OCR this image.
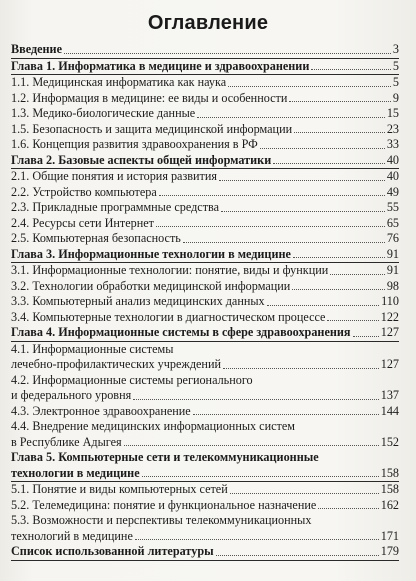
Оглавление
Введение	3
Глава 1. Информатика в медицине и здравоохранении	5
1.1. Медицинская информатика как наука	5
1.2. Информация в медицине: ее виды и особенности	9
1.3. Медико-биологические данные	15
1.5. Безопасность и защита медицинской информации	23
1.6. Концепция развития здравоохранения в РФ	33
Глава 2. Базовые аспекты общей информатики	40
2.1. Общие понятия и история развития	40
2.2. Устройство компьютера	49
2.3. Прикладные программные средства	55
2.4. Ресурсы сети Интернет	65
2.5. Компьютерная безопасность	76
Глава 3. Информационные технологии в медицине	91
3.1. Информационные технологии: понятие, виды и функции	91
3.2. Технологии обработки медицинской информации	98
3.3. Компьютерный анализ медицинских данных	110
3.4. Компьютерные технологии в диагностическом процессе	122
Глава 4. Информационные системы в сфере здравоохранения 127
4.1. Информационные системы
лечебно-профилактических учреждений	127
4.2. Информационные системы регионального
и федерального уровня	137
4.3. Электронное здравоохранение	144
4.4. Внедрение медицинских информационных систем
в Республике Адыгея	152
Глава 5. Компьютерные сети и телекоммуникационные
технологии в медицине	158
5.1. Понятие и виды компьютерных сетей	158
5.2. Телемедицина: понятие и функциональное назначение	162
5.3. Возможности и перспективы телекоммуникационных
технологий в медицине	171
Список использованной литературы	179
